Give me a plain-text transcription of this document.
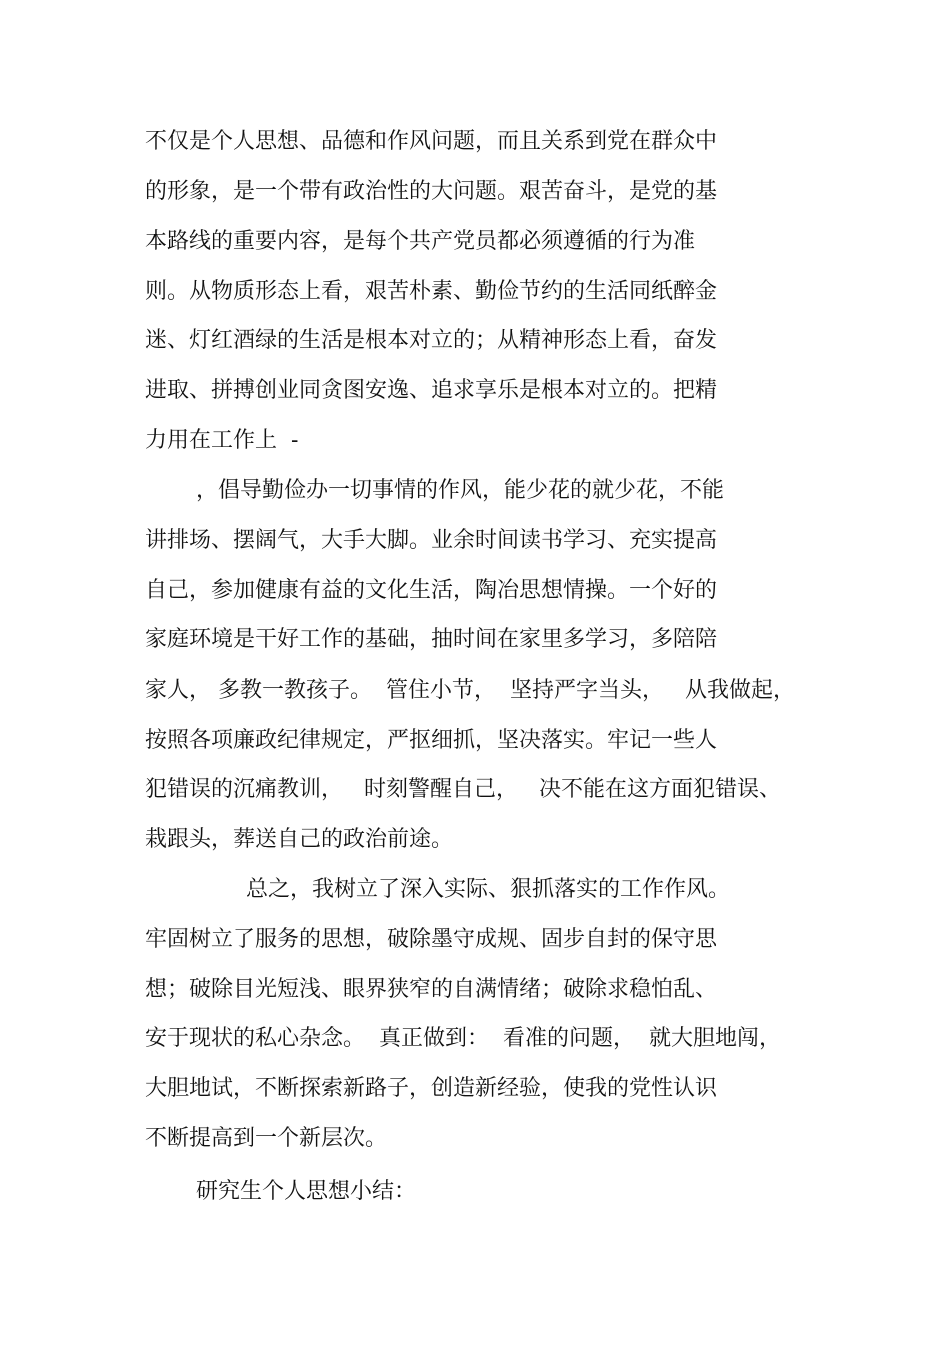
不仅是个人思想、品德和作风问题，而且关系到党在群众中

的形象，是一个带有政治性的大问题。艰苦奋斗，是党的基

本路线的重要内容，是每个共产党员都必须遵循的行为准

则。从物质形态上看，艰苦朴素、勤俭节约的生活同纸醉金

迷、灯红酒绿的生活是根本对立的；从精神形态上看，奋发

进取、拼搏创业同贪图安逸、追求享乐是根本对立的。把精

力用在工作上  -

，倡导勤俭办一切事情的作风，能少花的就少花，不能

讲排场、摆阔气，大手大脚。业余时间读书学习、充实提高

自己，参加健康有益的文化生活，陶冶思想情操。一个好的

家庭环境是干好工作的基础，抽时间在家里多学习，多陪陪

家人， 多教一教孩子。  管住小节，  坚持严字当头，   从我做起，

按照各项廉政纪律规定，严抠细抓，坚决落实。牢记一些人

犯错误的沉痛教训，   时刻警醒自己，   决不能在这方面犯错误、

栽跟头，葬送自己的政治前途。

总之，我树立了深入实际、狠抓落实的工作作风。

牢固树立了服务的思想，破除墨守成规、固步自封的保守思

想；破除目光短浅、眼界狭窄的自满情绪；破除求稳怕乱、

安于现状的私心杂念。  真正做到：  看准的问题，  就大胆地闯，

大胆地试，不断探索新路子，创造新经验，使我的党性认识

不断提高到一个新层次。

研究生个人思想小结：
